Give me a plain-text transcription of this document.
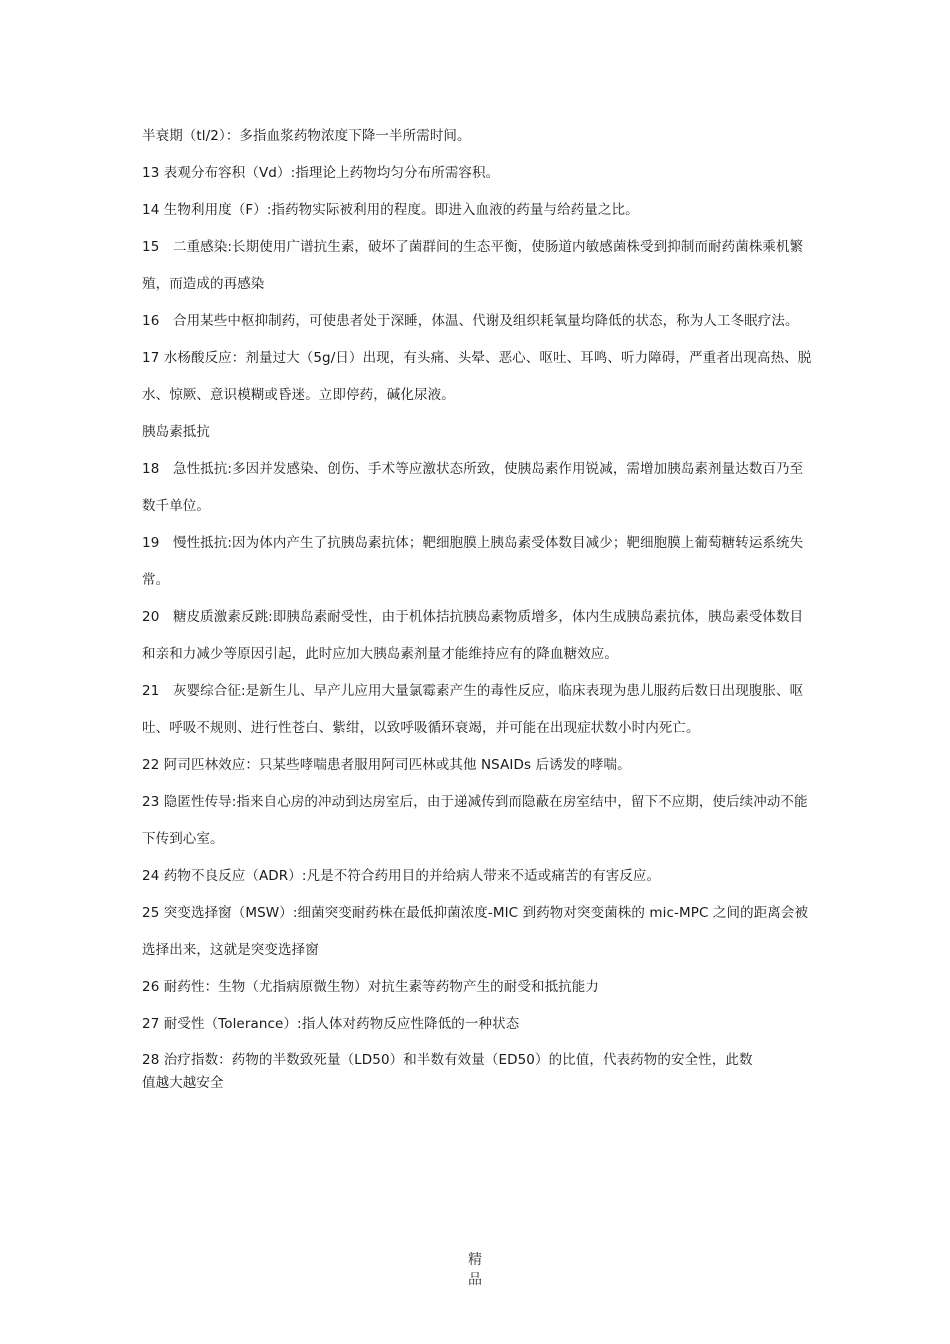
半衰期（tl/2）：多指血浆药物浓度下降一半所需时间。

13 表观分布容积（Vd）:指理论上药物均匀分布所需容积。

14 生物利用度（F）:指药物实际被利用的程度。即进入血液的药量与给药量之比。

15　二重感染:长期使用广谱抗生素，破坏了菌群间的生态平衡，使肠道内敏感菌株受到抑制而耐药菌株乘机繁殖，而造成的再感染

16　合用某些中枢抑制药，可使患者处于深睡，体温、代谢及组织耗氧量均降低的状态，称为人工冬眠疗法。

17 水杨酸反应：剂量过大（5g/日）出现，有头痛、头晕、恶心、呕吐、耳鸣、听力障碍，严重者出现高热、脱水、惊厥、意识模糊或昏迷。立即停药，碱化尿液。

胰岛素抵抗

18　急性抵抗:多因并发感染、创伤、手术等应激状态所致，使胰岛素作用锐减，需增加胰岛素剂量达数百乃至数千单位。

19　慢性抵抗:因为体内产生了抗胰岛素抗体；靶细胞膜上胰岛素受体数目减少；靶细胞膜上葡萄糖转运系统失常。

20　糖皮质激素反跳:即胰岛素耐受性，由于机体拮抗胰岛素物质增多，体内生成胰岛素抗体，胰岛素受体数目和亲和力减少等原因引起，此时应加大胰岛素剂量才能维持应有的降血糖效应。

21　灰婴综合征:是新生儿、早产儿应用大量氯霉素产生的毒性反应，临床表现为患儿服药后数日出现腹胀、呕吐、呼吸不规则、进行性苍白、紫绀，以致呼吸循环衰竭，并可能在出现症状数小时内死亡。

22 阿司匹林效应：只某些哮喘患者服用阿司匹林或其他 NSAIDs 后诱发的哮喘。

23 隐匿性传导:指来自心房的冲动到达房室后，由于递减传到而隐蔽在房室结中，留下不应期，使后续冲动不能下传到心室。

24 药物不良反应（ADR）:凡是不符合药用目的并给病人带来不适或痛苦的有害反应。

25 突变选择窗（MSW）:细菌突变耐药株在最低抑菌浓度-MIC 到药物对突变菌株的 mic-MPC 之间的距离会被选择出来，这就是突变选择窗

26 耐药性：生物（尤指病原微生物）对抗生素等药物产生的耐受和抵抗能力

27 耐受性（Tolerance）:指人体对药物反应性降低的一种状态

28 治疗指数：药物的半数致死量（LD50）和半数有效量（ED50）的比值，代表药物的安全性，此数值越大越安全

精
品
